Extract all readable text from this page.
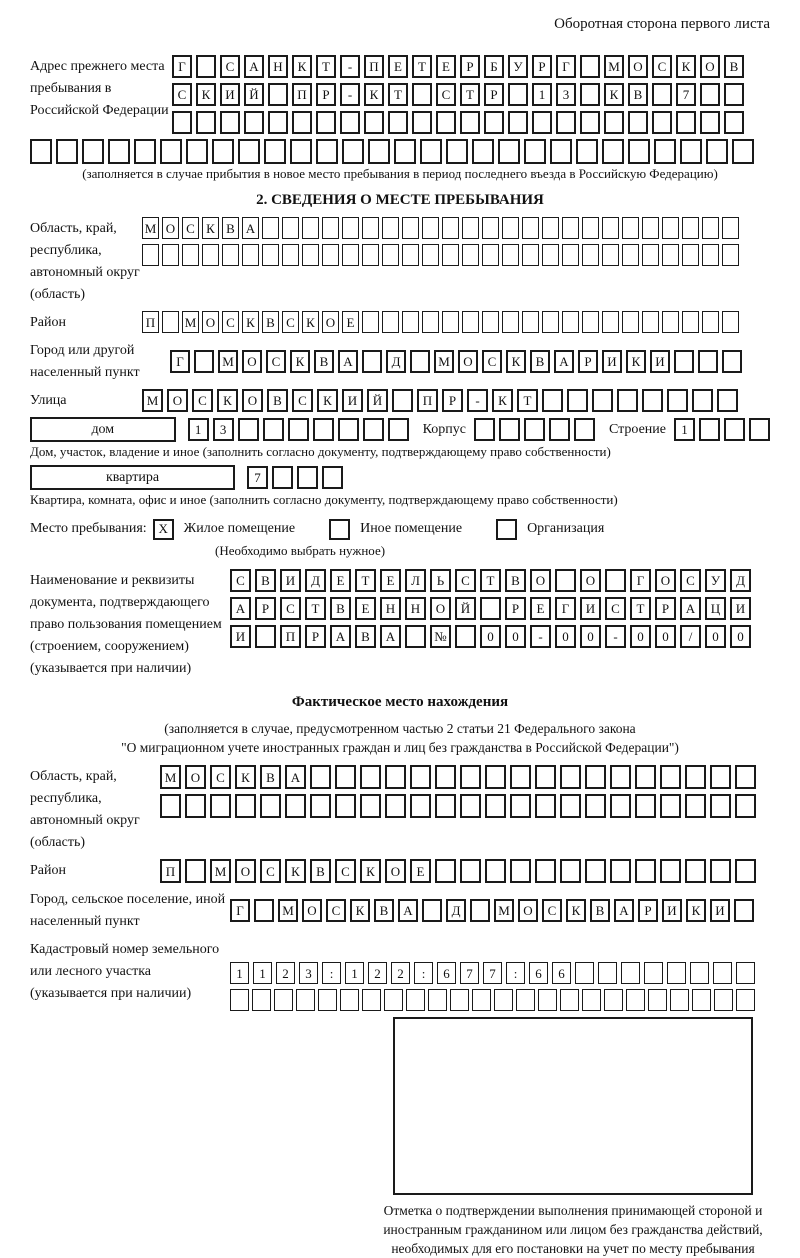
Оборотная сторона первого листа
Адрес прежнего места пребывания в Российской Федерации
Г	С	А	Н	К	Т	-	П	Е	Т	Е	Р	Б	У	Р	Г	М	О	С	К	О	В
С	К	И	Й	П	Р	-	К	Т	С	Т	Р	1	3	К	В	7
(заполняется в случае прибытия в новое место пребывания в период последнего въезда в Российскую Федерацию)
2. СВЕДЕНИЯ О МЕСТЕ ПРЕБЫВАНИЯ
Область, край, республика, автономный округ (область)
М О С К В А
Район	П М О С К В С К О Е
Город или другой населенный пункт
Г	М	О	С	К	В	А	Д	М	О	С	К	В	А	Р	И	К	И
Улица	М	О	С	К	О	В	С	К	И	Й	П	Р	-	К	Т
дом	1	3	Корпус	Строение	1
Дом, участок, владение и иное (заполнить согласно документу, подтверждающему право собственности)
квартира	7
Квартира, комната, офис и иное (заполнить согласно документу, подтверждающему право собственности)
Место пребывания: X	Жилое помещение	Иное помещение	Организация
(Необходимо выбрать нужное)
Наименование и реквизиты документа, подтверждающего право пользования помещением (строением, сооружением) (указывается при наличии)
С	В	И	Д	Е	Т	Е	Л	Ь	С	Т	В	О	О	Г	О	С	У	Д
А	Р	С	Т	В	Е	Н	Н	О	Й	Р	Е	Г	И	С	Т	Р	А	Ц	И
И	П	Р	А	В	А	№	0	0	-	0	0	-	0	0	/	0	0
Фактическое место нахождения
(заполняется в случае, предусмотренном частью 2 статьи 21 Федерального закона
"О миграционном учете иностранных граждан и лиц без гражданства в Российской Федерации")
Область, край, республика, автономный округ (область)
М	О	С	К	В	А
Район	П	М	О	С	К	В	С	К	О	Е
Город, сельское поселение, иной населенный пункт
Г	М	О	С	К	В	А	Д	М	О	С	К	В	А	Р	И	К	И
Кадастровый номер земельного или лесного участка (указывается при наличии)
1	1	2	3	:	1	2	2	:	6	7	7	:	6	6
Отметка о подтверждении выполнения принимающей стороной и иностранным гражданином или лицом без гражданства действий, необходимых для его постановки на учет по месту пребывания
